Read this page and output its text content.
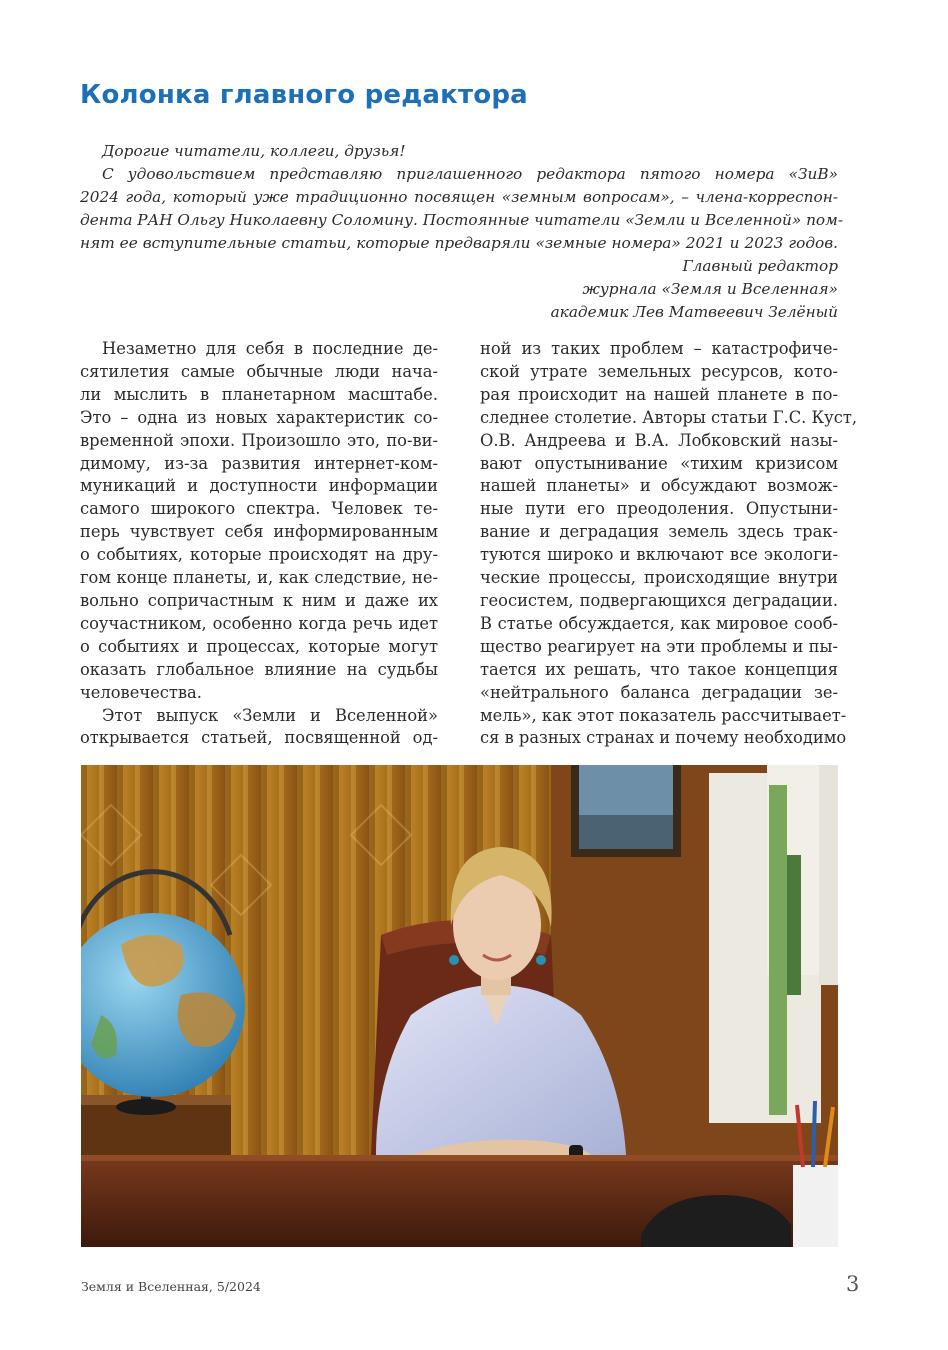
Колонка главного редактора
Дорогие читатели, коллеги, друзья!
С удовольствием представляю приглашенного редактора пятого номера «ЗиВ»
2024 года, который уже традиционно посвящен «земным вопросам», – члена-корреспон-
дента РАН Ольгу Николаевну Соломину. Постоянные читатели «Земли и Вселенной» пом-
нят ее вступительные статьи, которые предваряли «земные номера» 2021 и 2023 годов.
Главный редактор
журнала «Земля и Вселенная»
академик Лев Матвеевич Зелёный
Незаметно для себя в последние де-
сятилетия самые обычные люди нача-
ли мыслить в планетарном масштабе.
Это – одна из новых характеристик со-
временной эпохи. Произошло это, по-ви-
димому, из-за развития интернет-ком-
муникаций и доступности информации
самого широкого спектра. Человек те-
перь чувствует себя информированным
о событиях, которые происходят на дру-
гом конце планеты, и, как следствие, не-
вольно сопричастным к ним и даже их
соучастником, особенно когда речь идет
о событиях и процессах, которые могут
оказать глобальное влияние на судьбы
человечества.
Этот выпуск «Земли и Вселенной»
открывается статьей, посвященной од-
ной из таких проблем – катастрофиче-
ской утрате земельных ресурсов, кото-
рая происходит на нашей планете в по-
следнее столетие. Авторы статьи Г.С. Куст,
О.В. Андреева и В.А. Лобковский назы-
вают опустынивание «тихим кризисом
нашей планеты» и обсуждают возмож-
ные пути его преодоления. Опустыни-
вание и деградация земель здесь трак-
туются широко и включают все экологи-
ческие процессы, происходящие внутри
геосистем, подвергающихся деградации.
В статье обсуждается, как мировое сооб-
щество реагирует на эти проблемы и пы-
тается их решать, что такое концепция
«нейтрального баланса деградации зе-
мель», как этот показатель рассчитывает-
ся в разных странах и почему необходимо
Земля и Вселенная, 5/2024	3
